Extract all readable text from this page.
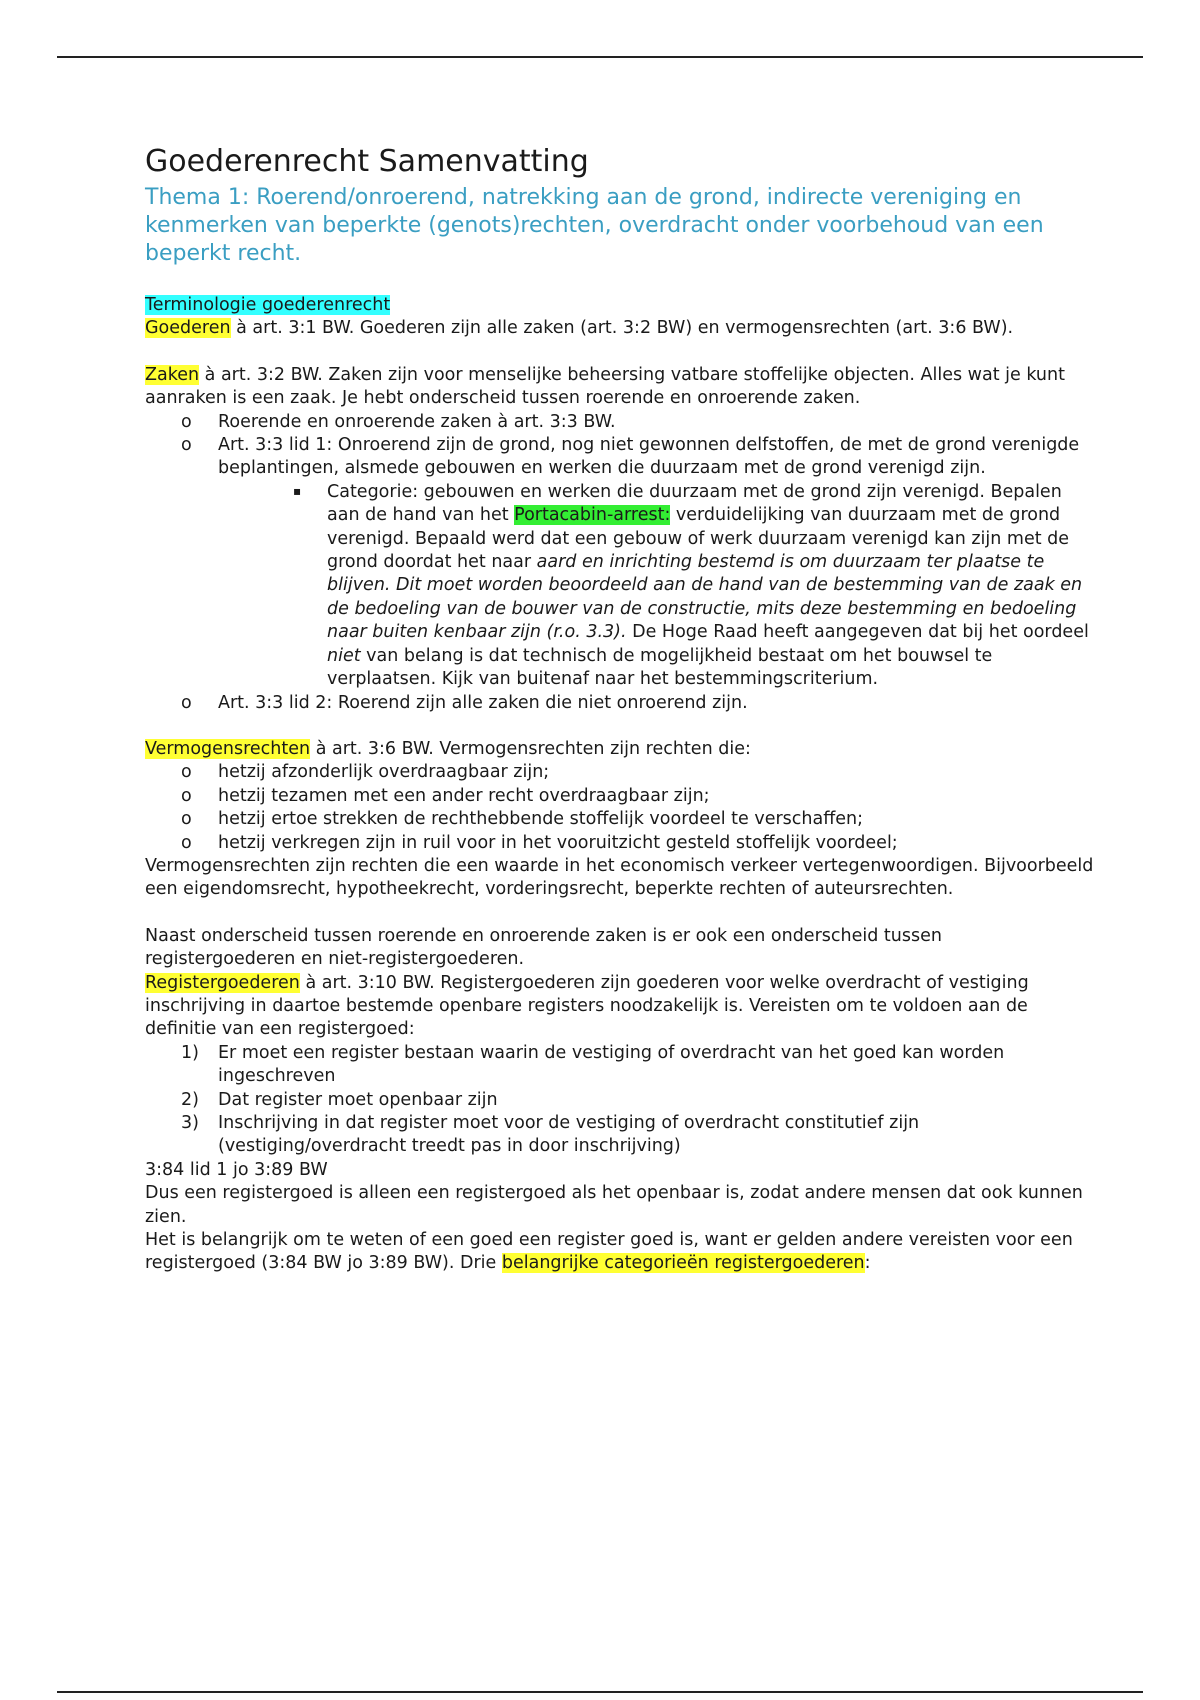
Goederenrecht Samenvatting
Thema 1: Roerend/onroerend, natrekking aan de grond, indirecte vereniging en kenmerken van beperkte (genots)rechten, overdracht onder voorbehoud van een beperkt recht.

Terminologie goederenrecht

Goederen à art. 3:1 BW. Goederen zijn alle zaken (art. 3:2 BW) en vermogensrechten (art. 3:6 BW).

Zaken à art. 3:2 BW. Zaken zijn voor menselijke beheersing vatbare stoffelijke objecten. Alles wat je kunt aanraken is een zaak. Je hebt onderscheid tussen roerende en onroerende zaken.

o Roerende en onroerende zaken à art. 3:3 BW.
o Art. 3:3 lid 1: Onroerend zijn de grond, nog niet gewonnen delfstoffen, de met de grond verenigde beplantingen, alsmede gebouwen en werken die duurzaam met de grond verenigd zijn.
▪ Categorie: gebouwen en werken die duurzaam met de grond zijn verenigd. Bepalen aan de hand van het Portacabin-arrest: verduidelijking van duurzaam met de grond verenigd. Bepaald werd dat een gebouw of werk duurzaam verenigd kan zijn met de grond doordat het naar aard en inrichting bestemd is om duurzaam ter plaatse te blijven. Dit moet worden beoordeeld aan de hand van de bestemming van de zaak en de bedoeling van de bouwer van de constructie, mits deze bestemming en bedoeling naar buiten kenbaar zijn (r.o. 3.3). De Hoge Raad heeft aangegeven dat bij het oordeel niet van belang is dat technisch de mogelijkheid bestaat om het bouwsel te verplaatsen. Kijk van buitenaf naar het bestemmingscriterium.
o Art. 3:3 lid 2: Roerend zijn alle zaken die niet onroerend zijn.

Vermogensrechten à art. 3:6 BW. Vermogensrechten zijn rechten die:

o hetzij afzonderlijk overdraagbaar zijn;
o hetzij tezamen met een ander recht overdraagbaar zijn;
o hetzij ertoe strekken de rechthebbende stoffelijk voordeel te verschaffen;
o hetzij verkregen zijn in ruil voor in het vooruitzicht gesteld stoffelijk voordeel;

Vermogensrechten zijn rechten die een waarde in het economisch verkeer vertegenwoordigen. Bijvoorbeeld een eigendomsrecht, hypotheekrecht, vorderingsrecht, beperkte rechten of auteursrechten.

Naast onderscheid tussen roerende en onroerende zaken is er ook een onderscheid tussen registergoederen en niet-registergoederen.

Registergoederen à art. 3:10 BW. Registergoederen zijn goederen voor welke overdracht of vestiging inschrijving in daartoe bestemde openbare registers noodzakelijk is. Vereisten om te voldoen aan de definitie van een registergoed:

1) Er moet een register bestaan waarin de vestiging of overdracht van het goed kan worden ingeschreven
2) Dat register moet openbaar zijn
3) Inschrijving in dat register moet voor de vestiging of overdracht constitutief zijn (vestiging/overdracht treedt pas in door inschrijving)

3:84 lid 1 jo 3:89 BW

Dus een registergoed is alleen een registergoed als het openbaar is, zodat andere mensen dat ook kunnen zien.

Het is belangrijk om te weten of een goed een register goed is, want er gelden andere vereisten voor een registergoed (3:84 BW jo 3:89 BW). Drie belangrijke categorieën registergoederen:
